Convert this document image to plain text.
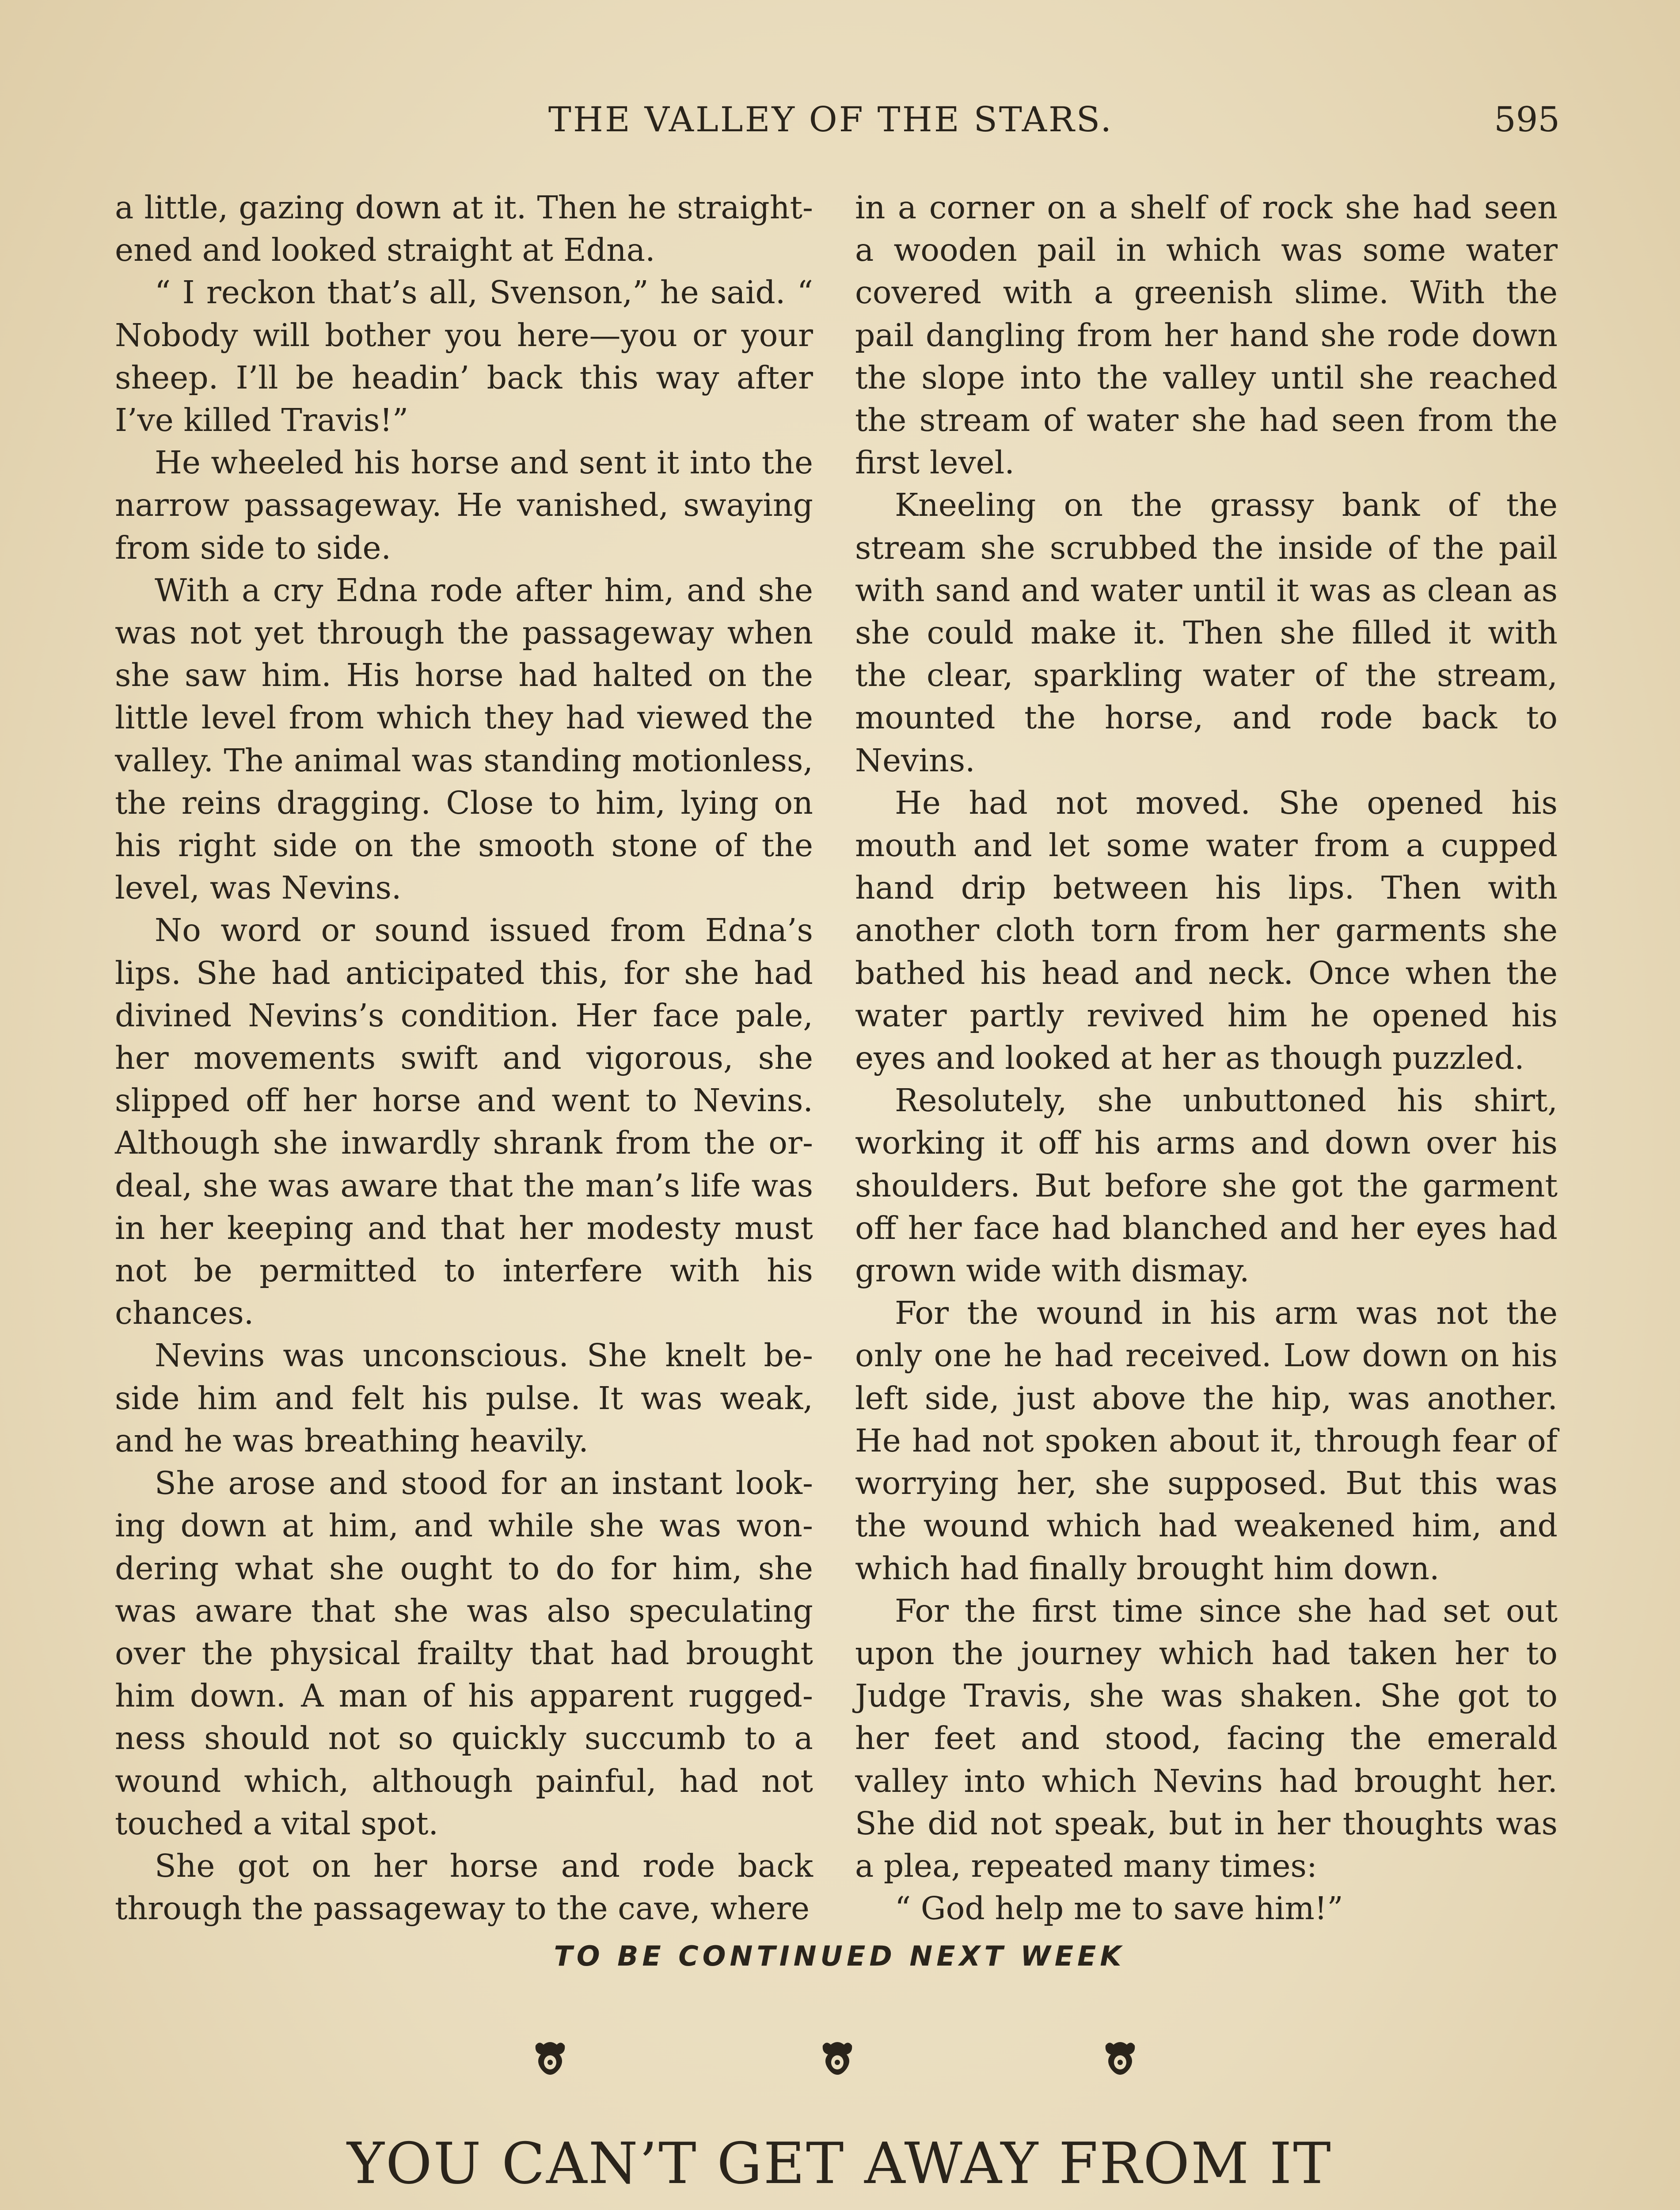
THE VALLEY OF THE STARS.	595

a little, gazing down at it. Then he straightened and looked straight at Edna.

“ I reckon that’s all, Svenson,” he said. “ Nobody will bother you here—you or your sheep. I’ll be headin’ back this way after I’ve killed Travis!”

He wheeled his horse and sent it into the narrow passageway. He vanished, swaying from side to side.

With a cry Edna rode after him, and she was not yet through the passageway when she saw him. His horse had halted on the little level from which they had viewed the valley. The animal was standing motionless, the reins dragging. Close to him, lying on his right side on the smooth stone of the level, was Nevins.

No word or sound issued from Edna’s lips. She had anticipated this, for she had divined Nevins’s condition. Her face pale, her movements swift and vigorous, she slipped off her horse and went to Nevins. Although she inwardly shrank from the ordeal, she was aware that the man’s life was in her keeping and that her modesty must not be permitted to interfere with his chances.

Nevins was unconscious. She knelt beside him and felt his pulse. It was weak, and he was breathing heavily.

She arose and stood for an instant looking down at him, and while she was wondering what she ought to do for him, she was aware that she was also speculating over the physical frailty that had brought him down. A man of his apparent ruggedness should not so quickly succumb to a wound which, although painful, had not touched a vital spot.

She got on her horse and rode back through the passageway to the cave, where

in a corner on a shelf of rock she had seen a wooden pail in which was some water covered with a greenish slime. With the pail dangling from her hand she rode down the slope into the valley until she reached the stream of water she had seen from the first level.

Kneeling on the grassy bank of the stream she scrubbed the inside of the pail with sand and water until it was as clean as she could make it. Then she filled it with the clear, sparkling water of the stream, mounted the horse, and rode back to Nevins.

He had not moved. She opened his mouth and let some water from a cupped hand drip between his lips. Then with another cloth torn from her garments she bathed his head and neck. Once when the water partly revived him he opened his eyes and looked at her as though puzzled.

Resolutely, she unbuttoned his shirt, working it off his arms and down over his shoulders. But before she got the garment off her face had blanched and her eyes had grown wide with dismay.

For the wound in his arm was not the only one he had received. Low down on his left side, just above the hip, was another. He had not spoken about it, through fear of worrying her, she supposed. But this was the wound which had weakened him, and which had finally brought him down.

For the first time since she had set out upon the journey which had taken her to Judge Travis, she was shaken. She got to her feet and stood, facing the emerald valley into which Nevins had brought her. She did not speak, but in her thoughts was a plea, repeated many times:

“ God help me to save him!”

TO BE CONTINUED NEXT WEEK
YOU CAN’T GET AWAY FROM IT
